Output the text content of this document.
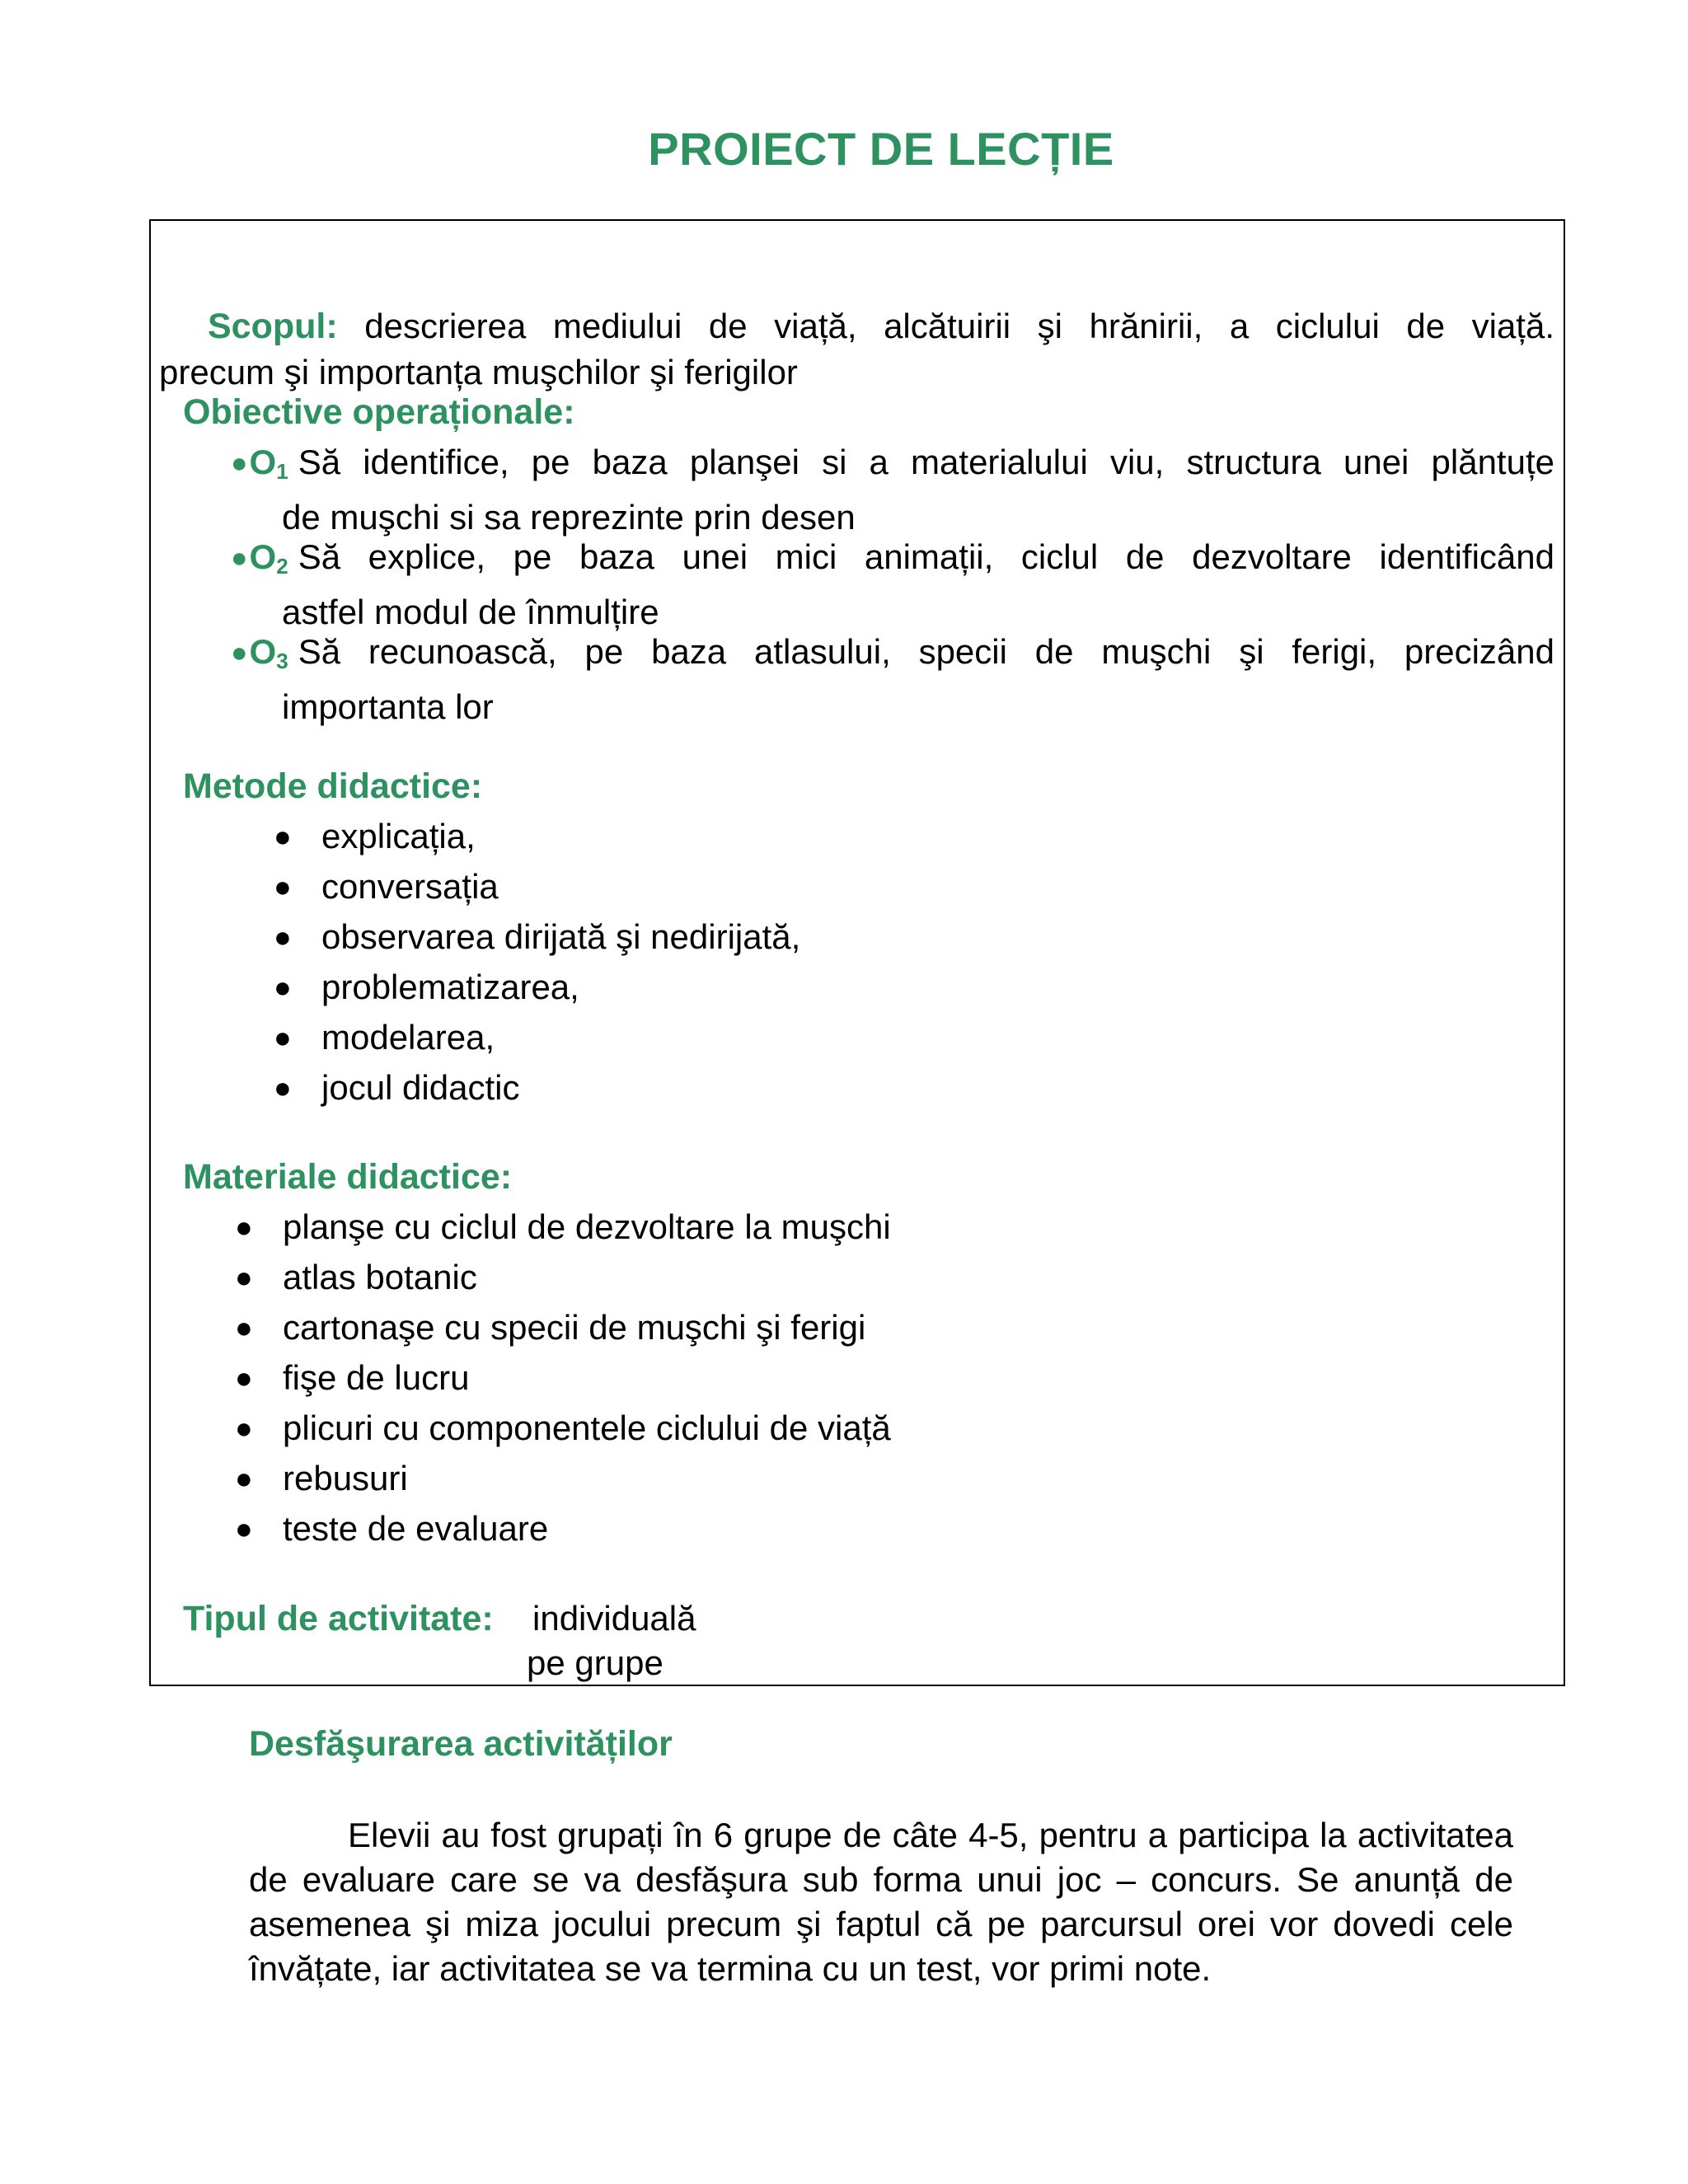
PROIECT DE LECȚIE
Scopul: descrierea mediului de viață, alcătuirii şi hrănirii, a ciclului de viață.
precum şi importanța muşchilor şi ferigilor
Obiective operaționale:
$●O_1$ Să identifice, pe baza planşei si a materialului viu, structura unei plăntuțe
de muşchi si sa reprezinte prin desen
$●O_2$ Să explice, pe baza unei mici animații, ciclul de dezvoltare identificând
astfel modul de înmulțire
$●O_3$ Să recunoască, pe baza atlasului, specii de muşchi şi ferigi, precizând
importanta lor
Metode didactice:
● explicația,
● conversația
● observarea dirijată şi nedirijată,
● problematizarea,
● modelarea,
● jocul didactic
Materiale didactice:
● planşe cu ciclul de dezvoltare la muşchi
● atlas botanic
● cartonaşe cu specii de muşchi şi ferigi
● fişe de lucru
● plicuri cu componentele ciclului de viață
● rebusuri
● teste de evaluare
Tipul de activitate: individuală
pe grupe
Desfăşurarea activităților

Elevii au fost grupați în 6 grupe de câte 4-5, pentru a participa la activitatea de evaluare care se va desfăşura sub forma unui joc – concurs. Se anunță de asemenea şi miza jocului precum şi faptul că pe parcursul orei vor dovedi cele învățate, iar activitatea se va termina cu un test, vor primi note.
